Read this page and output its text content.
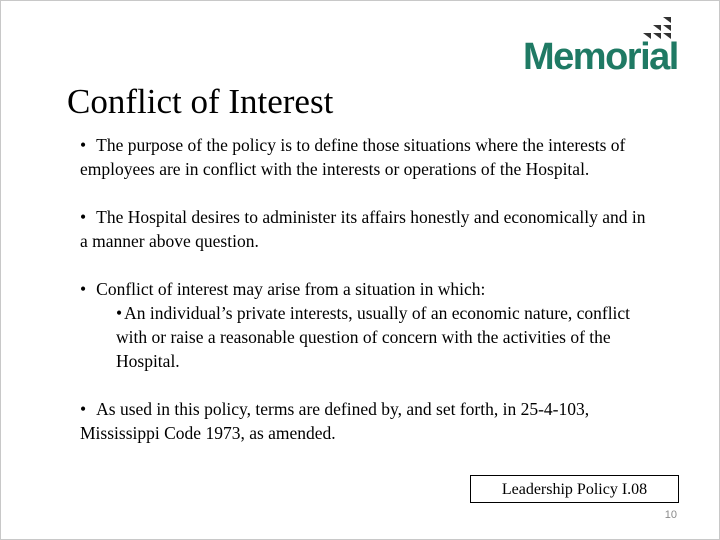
Memorial
Conflict of Interest

• The purpose of the policy is to define those situations where the interests of employees are in conflict with the interests or operations of the Hospital.

• The Hospital desires to administer its affairs honestly and economically and in a manner above question.

• Conflict of interest may arise from a situation in which:

• An individual’s private interests, usually of an economic nature, conflict with or raise a reasonable question of concern with the activities of the Hospital.

• As used in this policy, terms are defined by, and set forth, in 25-4-103, Mississippi Code 1973, as amended.

Leadership Policy I.08
10
